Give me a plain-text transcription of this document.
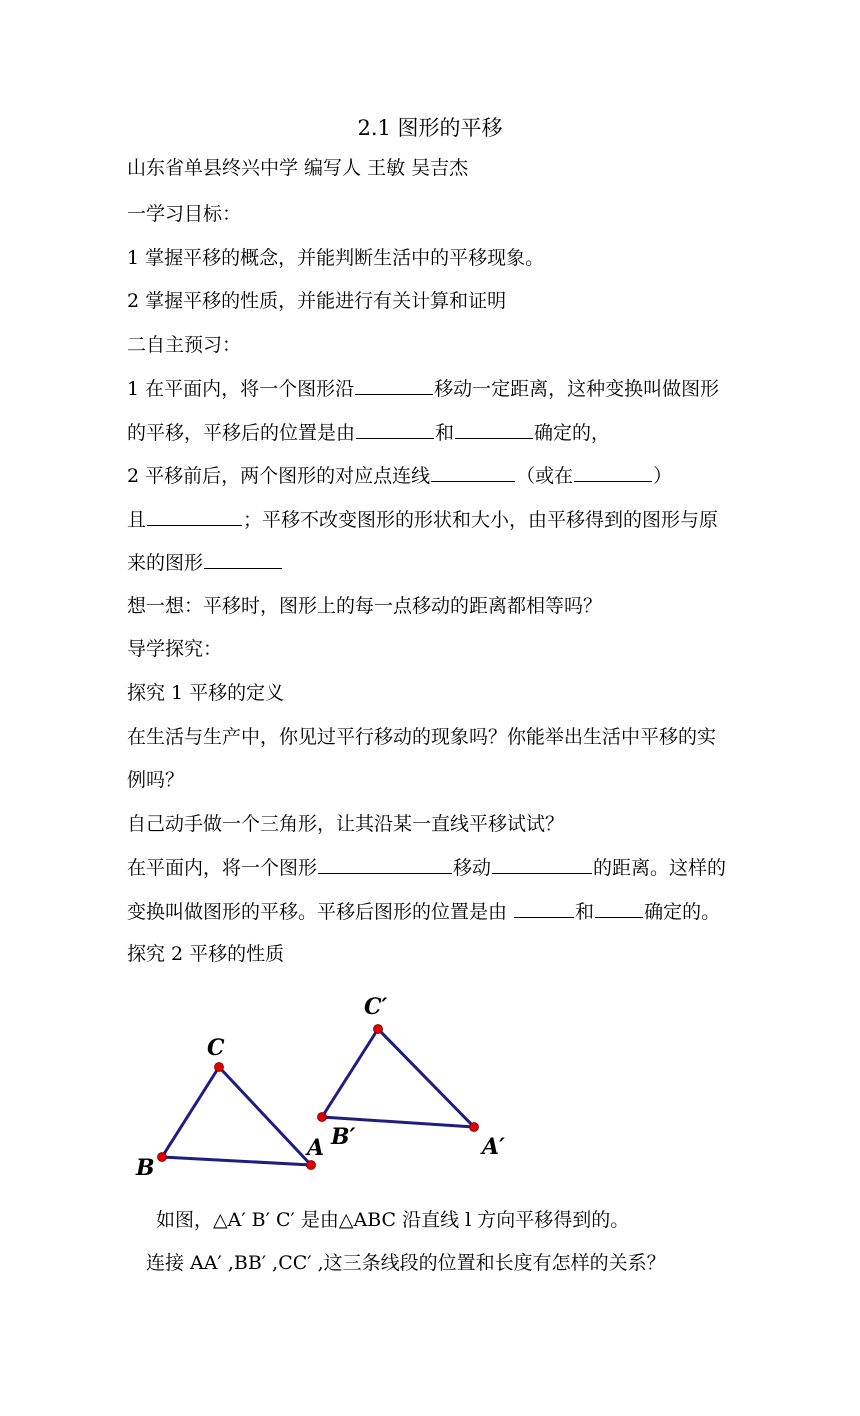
2.1 图形的平移
山东省单县终兴中学 编写人 王敏 吴吉杰
一学习目标：
1 掌握平移的概念，并能判断生活中的平移现象。
2 掌握平移的性质，并能进行有关计算和证明
二自主预习：
1 在平面内，将一个图形沿	移动一定距离，这种变换叫做图形
的平移，平移后的位置是由	和	确定的，
2 平移前后，两个图形的对应点连线	（或在	）
且	；平移不改变图形的形状和大小，由平移得到的图形与原
来的图形
想一想：平移时，图形上的每一点移动的距离都相等吗？
导学探究：
探究 1 平移的定义
在生活与生产中，你见过平行移动的现象吗？你能举出生活中平移的实
例吗？
自己动手做一个三角形，让其沿某一直线平移试试？
在平面内，将一个图形	移动	的距离。这样的
变换叫做图形的平移。平移后图形的位置是由	和	确定的。
探究 2 平移的性质
C
B
A
C′
B′	A′
如图，△A′ B′ C′ 是由△ABC 沿直线 l 方向平移得到的。
连接 AA′ ,BB′ ,CC′ ,这三条线段的位置和长度有怎样的关系？
